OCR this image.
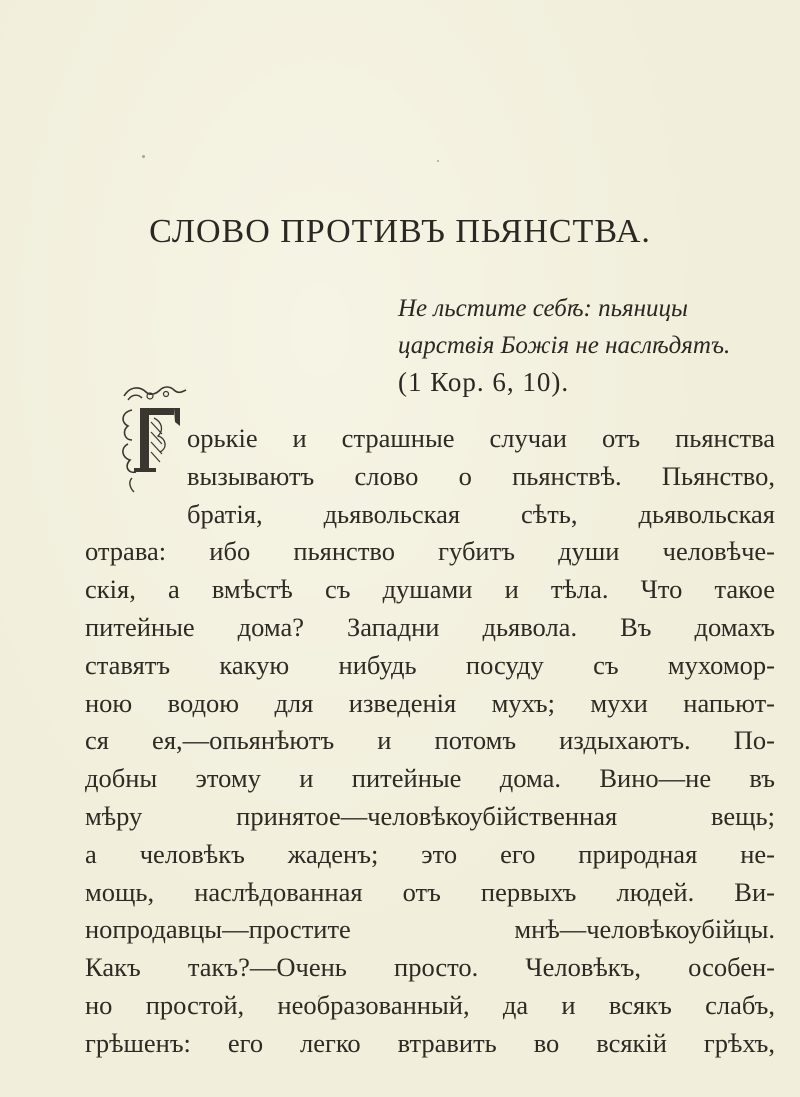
СЛОВО ПРОТИВЪ ПЬЯНСТВА.
Не льстите себѣ: пьяницы
царствія Божія не наслѣдятъ.
(1 Кор. 6, 10).
орькіе и страшные случаи отъ пьянства
вызываютъ слово о пьянствѣ. Пьянство,
братія, дьявольская сѣть, дьявольская
отрава: ибо пьянство губитъ души человѣче-
скія, а вмѣстѣ съ душами и тѣла. Что такое
питейные дома? Западни дьявола. Въ домахъ
ставятъ какую нибудь посуду съ мухомор-
ною водою для изведенія мухъ; мухи напьют-
ся ея,—опьянѣютъ и потомъ издыхаютъ. По-
добны этому и питейные дома. Вино—не въ
мѣру принятое—человѣкоубійственная вещь;
а человѣкъ жаденъ; это его природная не-
мощь, наслѣдованная отъ первыхъ людей. Ви-
нопродавцы—простите мнѣ—человѣкоубійцы.
Какъ такъ?—Очень просто. Человѣкъ, особен-
но простой, необразованный, да и всякъ слабъ,
грѣшенъ: его легко втравить во всякій грѣхъ,
